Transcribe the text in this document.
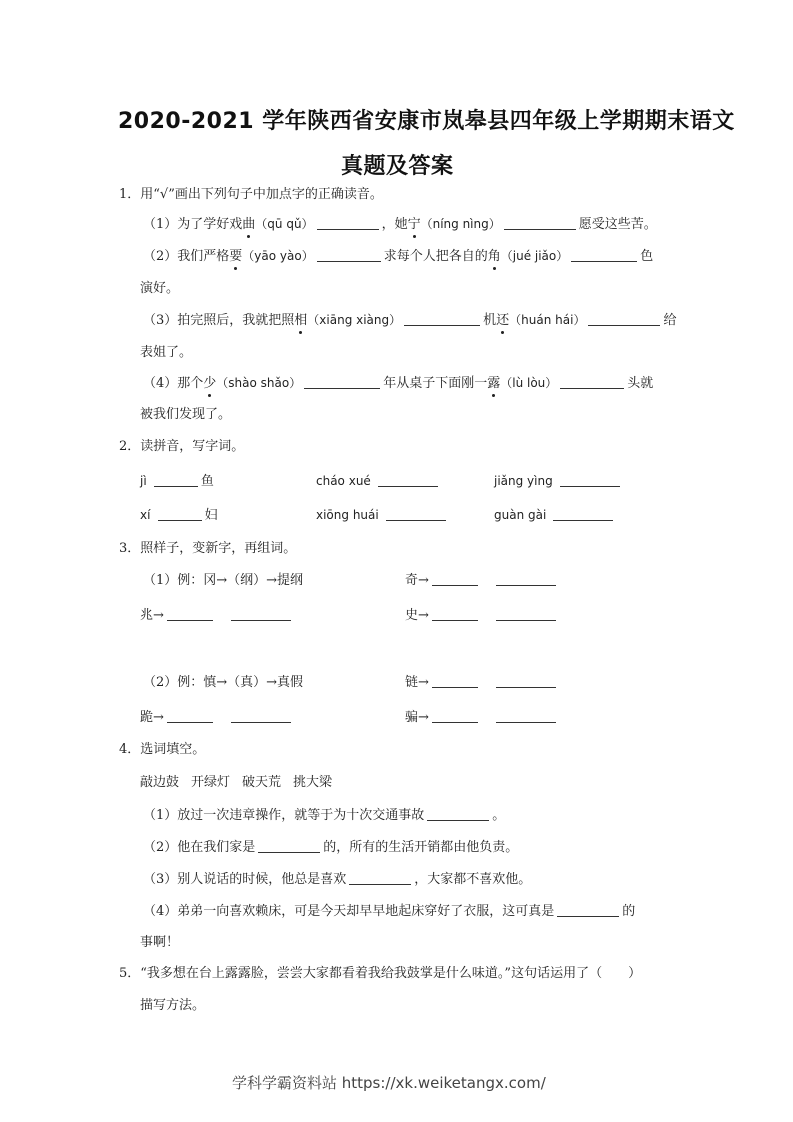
2020-2021 学年陕西省安康市岚皋县四年级上学期期末语文
真题及答案
1．用“√”画出下列句子中加点字的正确读音。
（1）为了学好戏曲（qū qǔ）	，她宁（níng nìng）	愿受这些苦。
（2）我们严格要（yāo yào）	求每个人把各自的角（jué jiǎo）	色
演好。
（3）拍完照后，我就把照相（xiāng xiàng）	机还（huán hái）	给
表姐了。
（4）那个少（shào shǎo）	年从桌子下面刚一露（lù lòu）	头就
被我们发现了。
2．读拼音，写字词。
jì	鱼	cháo xué	jiǎng yìng
xí	妇	xiōng huái	guàn gài
3．照样子，变新字，再组词。
（1）例：冈→（纲）→提纲	奇→
兆→	史→
（2）例：慎→（真）→真假	链→
跪→	骗→
4．选词填空。
敲边鼓 开绿灯 破天荒 挑大梁
（1）放过一次违章操作，就等于为十次交通事故	。
（2）他在我们家是	的，所有的生活开销都由他负责。
（3）别人说话的时候，他总是喜欢	，大家都不喜欢他。
（4）弟弟一向喜欢赖床，可是今天却早早地起床穿好了衣服，这可真是	的
事啊！
5．“我多想在台上露露脸，尝尝大家都看着我给我鼓掌是什么味道。”这句话运用了（　　）
描写方法。
学科学霸资料站 https://xk.weiketangx.com/
